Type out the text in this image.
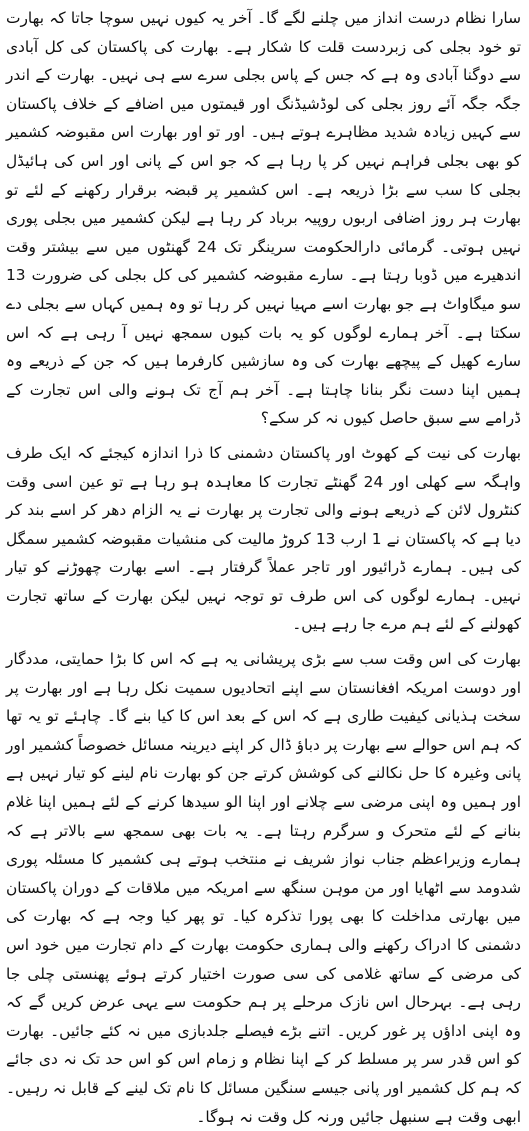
سارا نظام درست انداز میں چلنے لگے گا۔ آخر یہ کیوں نہیں سوچا جاتا کہ بھارت تو خود بجلی کی زبردست قلت کا شکار ہے۔ بھارت کی پاکستان کی کل آبادی سے دوگنا آبادی وہ ہے کہ جس کے پاس بجلی سرے سے ہی نہیں۔ بھارت کے اندر جگہ جگہ آئے روز بجلی کی لوڈشیڈنگ اور قیمتوں میں اضافے کے خلاف پاکستان سے کہیں زیادہ شدید مظاہرے ہوتے ہیں۔ اور تو اور بھارت اس مقبوضہ کشمیر کو بھی بجلی فراہم نہیں کر پا رہا ہے کہ جو اس کے پانی اور اس کی ہائیڈل بجلی کا سب سے بڑا ذریعہ ہے۔ اس کشمیر پر قبضہ برقرار رکھنے کے لئے تو بھارت ہر روز اضافی اربوں روپیہ برباد کر رہا ہے لیکن کشمیر میں بجلی پوری نہیں ہوتی۔ گرمائی دارالحکومت سرینگر تک 24 گھنٹوں میں سے بیشتر وقت اندھیرے میں ڈوبا رہتا ہے۔ سارے مقبوضہ کشمیر کی کل بجلی کی ضرورت 13 سو میگاواٹ ہے جو بھارت اسے مہیا نہیں کر رہا تو وہ ہمیں کہاں سے بجلی دے سکتا ہے۔ آخر ہمارے لوگوں کو یہ بات کیوں سمجھ نہیں آ رہی ہے کہ اس سارے کھیل کے پیچھے بھارت کی وہ سازشیں کارفرما ہیں کہ جن کے ذریعے وہ ہمیں اپنا دست نگر بنانا چاہتا ہے۔ آخر ہم آج تک ہونے والی اس تجارت کے ڈرامے سے سبق حاصل کیوں نہ کر سکے؟

بھارت کی نیت کے کھوٹ اور پاکستان دشمنی کا ذرا اندازہ کیجئے کہ ایک طرف واہگہ سے کھلی اور 24 گھنٹے تجارت کا معاہدہ ہو رہا ہے تو عین اسی وقت کنٹرول لائن کے ذریعے ہونے والی تجارت پر بھارت نے یہ الزام دھر کر اسے بند کر دیا ہے کہ پاکستان نے 1 ارب 13 کروڑ مالیت کی منشیات مقبوضہ کشمیر سمگل کی ہیں۔ ہمارے ڈرائیور اور تاجر عملاً گرفتار ہے۔ اسے بھارت چھوڑنے کو تیار نہیں۔ ہمارے لوگوں کی اس طرف تو توجہ نہیں لیکن بھارت کے ساتھ تجارت کھولنے کے لئے ہم مرے جا رہے ہیں۔

بھارت کی اس وقت سب سے بڑی پریشانی یہ ہے کہ اس کا بڑا حمایتی، مددگار اور دوست امریکہ افغانستان سے اپنے اتحادیوں سمیت نکل رہا ہے اور بھارت پر سخت ہذیانی کیفیت طاری ہے کہ اس کے بعد اس کا کیا بنے گا۔ چاہئے تو یہ تھا کہ ہم اس حوالے سے بھارت پر دباؤ ڈال کر اپنے دیرینہ مسائل خصوصاً کشمیر اور پانی وغیرہ کا حل نکالنے کی کوشش کرتے جن کو بھارت نام لینے کو تیار نہیں ہے اور ہمیں وہ اپنی مرضی سے چلانے اور اپنا الو سیدھا کرنے کے لئے ہمیں اپنا غلام بنانے کے لئے متحرک و سرگرم رہتا ہے۔ یہ بات بھی سمجھ سے بالاتر ہے کہ ہمارے وزیراعظم جناب نواز شریف نے منتخب ہوتے ہی کشمیر کا مسئلہ پوری شدومد سے اٹھایا اور من موہن سنگھ سے امریکہ میں ملاقات کے دوران پاکستان میں بھارتی مداخلت کا بھی پورا تذکرہ کیا۔ تو پھر کیا وجہ ہے کہ بھارت کی دشمنی کا ادراک رکھنے والی ہماری حکومت بھارت کے دام تجارت میں خود اس کی مرضی کے ساتھ غلامی کی سی صورت اختیار کرتے ہوئے پھنستی چلی جا رہی ہے۔ بہرحال اس نازک مرحلے پر ہم حکومت سے یہی عرض کریں گے کہ وہ اپنی اداؤں پر غور کریں۔ اتنے بڑے فیصلے جلدبازی میں نہ کئے جائیں۔ بھارت کو اس قدر سر پر مسلط کر کے اپنا نظام و زمام اس کو اس حد تک نہ دی جائے کہ ہم کل کشمیر اور پانی جیسے سنگین مسائل کا نام تک لینے کے قابل نہ رہیں۔ ابھی وقت ہے سنبھل جائیں ورنہ کل وقت نہ ہوگا۔
